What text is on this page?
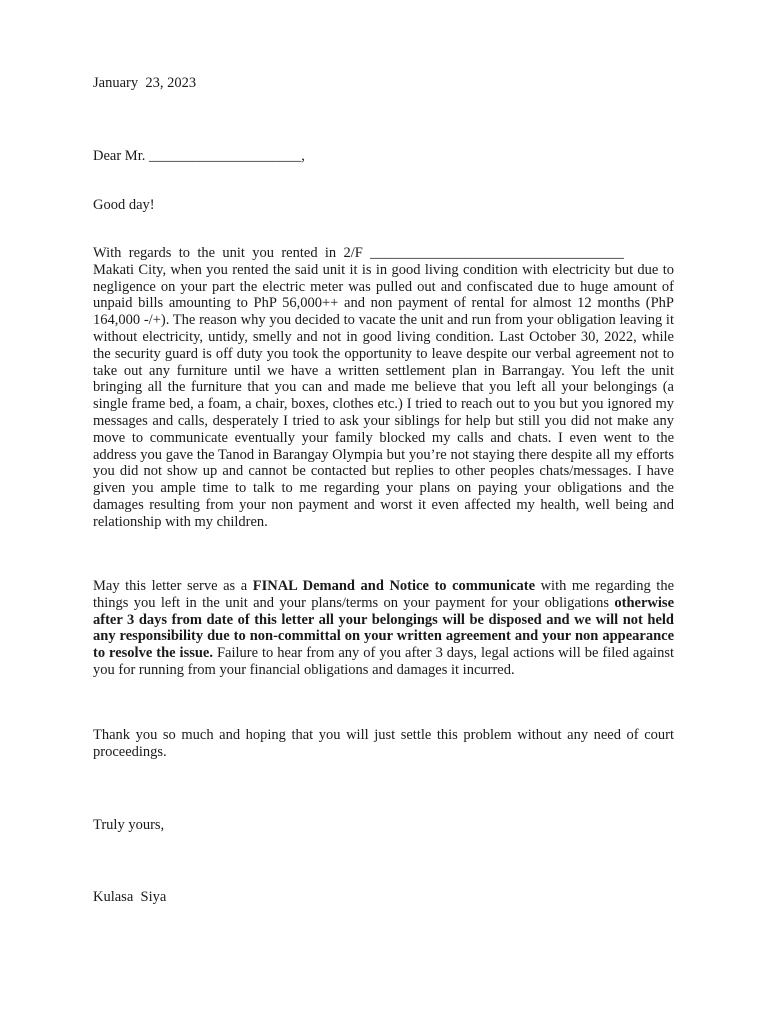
January  23, 2023

Dear Mr. _____________________,

Good day!

With regards to the unit you rented in 2/F ___________________________________
Makati City, when you rented the said unit it is in good living condition with electricity but due to negligence on your part the electric meter was pulled out and confiscated due to huge amount of unpaid bills amounting to PhP 56,000++ and non payment of rental for almost 12 months (PhP 164,000 -/+). The reason why you decided to vacate the unit and run from your obligation leaving it without electricity, untidy, smelly and not in good living condition. Last October 30, 2022, while the security guard is off duty you took the opportunity to leave despite our verbal agreement not to take out any furniture until we have a written settlement plan in Barrangay. You left the unit bringing all the furniture that you can and made me believe that you left all your belongings (a single frame bed, a foam, a chair, boxes, clothes etc.) I tried to reach out to you but you ignored my messages and calls, desperately I tried to ask your siblings for help but still you did not make any move to communicate eventually your family blocked my calls and chats. I even went to the address you gave the Tanod in Barangay Olympia but you’re not staying there despite all my efforts you did not show up and cannot be contacted but replies to other peoples chats/messages. I have given you ample time to talk to me regarding your plans on paying your obligations and the damages resulting from your non payment and worst it even affected my health, well being and relationship with my children.

May this letter serve as a FINAL Demand and Notice to communicate with me regarding the things you left in the unit and your plans/terms on your payment for your obligations otherwise after 3 days from date of this letter all your belongings will be disposed and we will not held any responsibility due to non-committal on your written agreement and your non appearance to resolve the issue. Failure to hear from any of you after 3 days, legal actions will be filed against you for running from your financial obligations and damages it incurred.

Thank you so much and hoping that you will just settle this problem without any need of court proceedings.

Truly yours,

Kulasa  Siya
